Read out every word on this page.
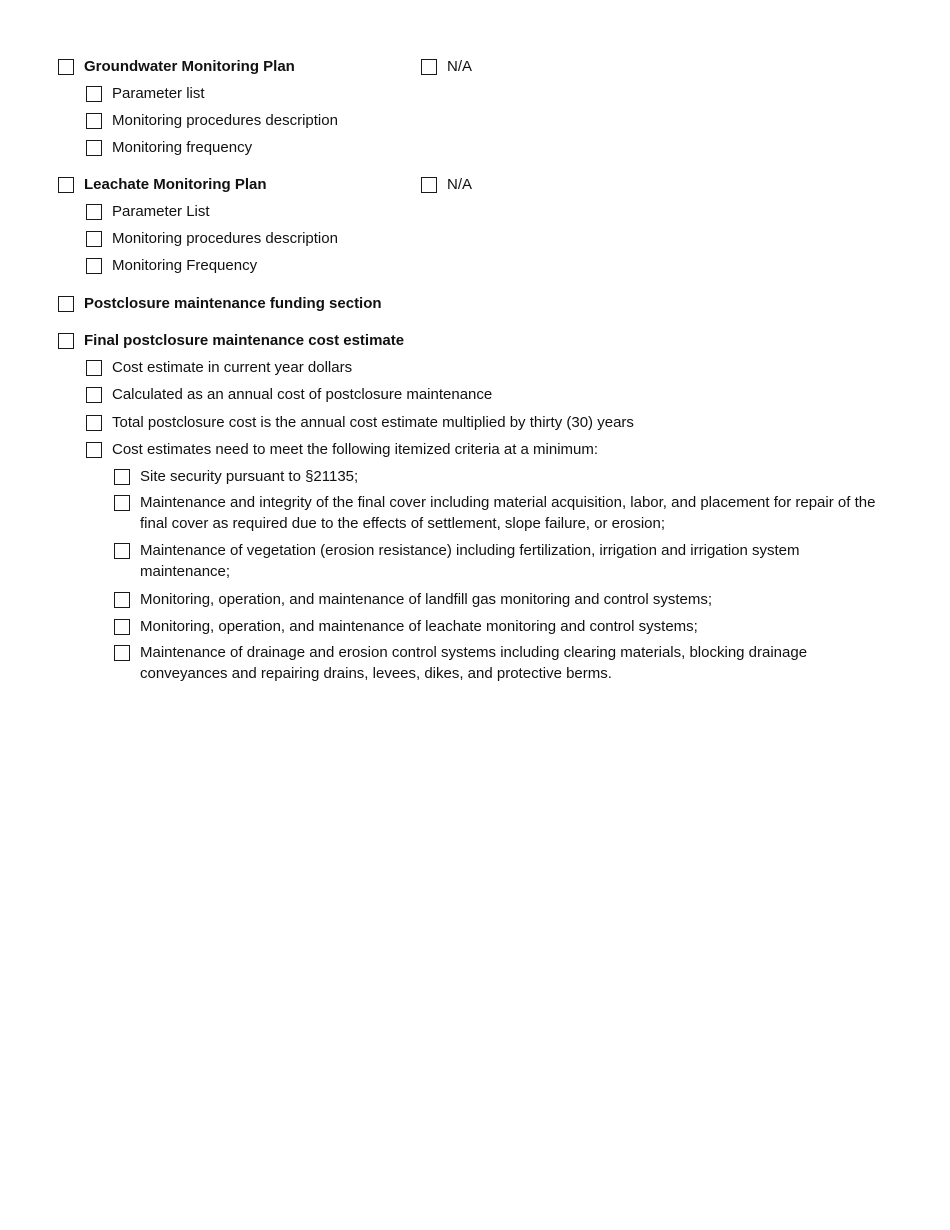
Groundwater Monitoring Plan	N/A
Parameter list
Monitoring procedures description
Monitoring frequency
Leachate Monitoring Plan	N/A
Parameter List
Monitoring procedures description
Monitoring Frequency
Postclosure maintenance funding section
Final postclosure maintenance cost estimate
Cost estimate in current year dollars
Calculated as an annual cost of postclosure maintenance
Total postclosure cost is the annual cost estimate multiplied by thirty (30) years
Cost estimates need to meet the following itemized criteria at a minimum:
Site security pursuant to §21135;
Maintenance and integrity of the final cover including material acquisition, labor, and placement for repair of the final cover as required due to the effects of settlement, slope failure, or erosion;
Maintenance of vegetation (erosion resistance) including fertilization, irrigation and irrigation system maintenance;
Monitoring, operation, and maintenance of landfill gas monitoring and control systems;
Monitoring, operation, and maintenance of leachate monitoring and control systems;
Maintenance of drainage and erosion control systems including clearing materials, blocking drainage conveyances and repairing drains, levees, dikes, and protective berms.
